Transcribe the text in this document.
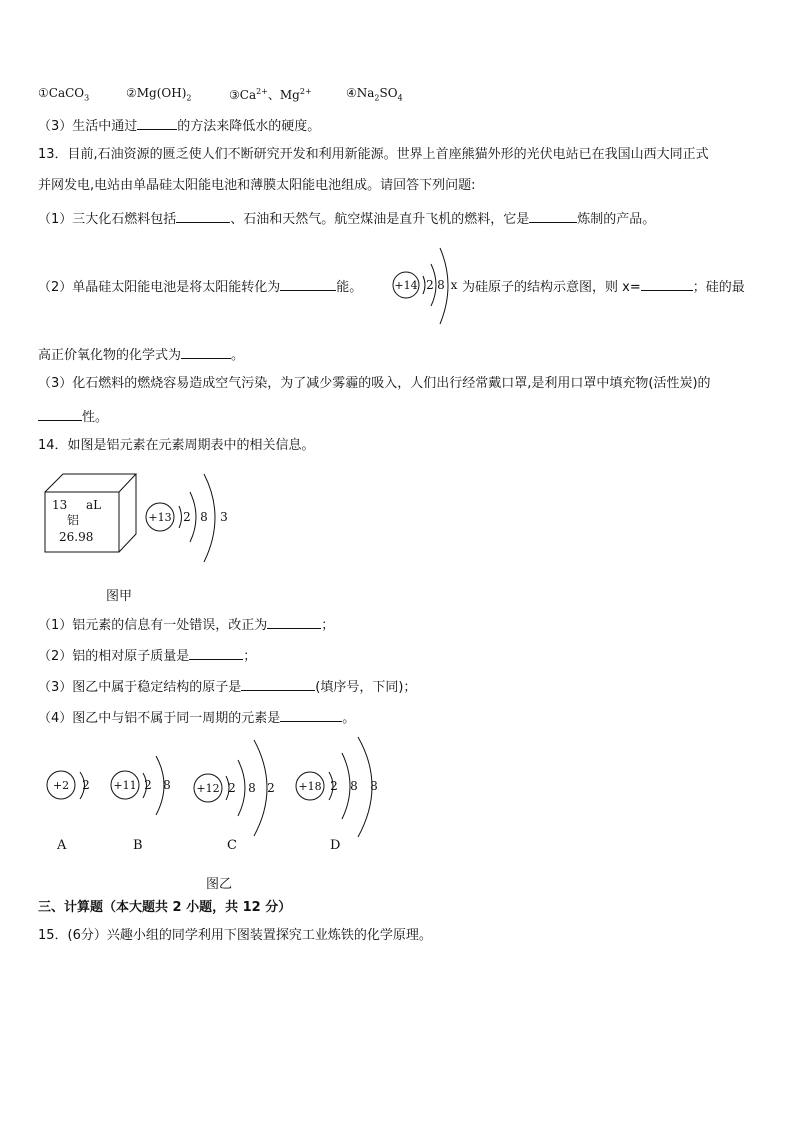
①CaCO$_3$	$②Mg(OH)_2$	$③Ca^{2+}$、$Mg^{2+}$	$④Na_2SO_4$
（3）生活中通过	的方法来降低水的硬度。
13．目前,石油资源的匮乏使人们不断研究开发和利用新能源。世界上首座熊猫外形的光伏电站已在我国山西大同正式
并网发电,电站由单晶硅太阳能电池和薄膜太阳能电池组成。请回答下列问题:
（1）三大化石燃料包括	、石油和天然气。航空煤油是直升飞机的燃料，它是	炼制的产品。
（2）单晶硅太阳能电池是将太阳能转化为	能。	+14 2 8 x 为硅原子的结构示意图，则 x=	；硅的最
高正价氧化物的化学式为	。
（3）化石燃料的燃烧容易造成空气污染，为了减少雾霾的吸入，人们出行经常戴口罩,是利用口罩中填充物(活性炭)的
性。
14．如图是铝元素在元素周期表中的相关信息。
13 aL
铝
26.98
+13 2 8 3
图甲
（1）铝元素的信息有一处错误，改正为	；
（2）铝的相对原子质量是	；
（3）图乙中属于稳定结构的原子是	(填序号，下同)；
（4）图乙中与铝不属于同一周期的元素是	。
+2 2 +11 2 8 +12 2 8 2 +18 2 8 8
A	B	C	D
图乙
三、计算题（本大题共 2 小题，共 12 分）
15．(6分）兴趣小组的同学利用下图装置探究工业炼铁的化学原理。
